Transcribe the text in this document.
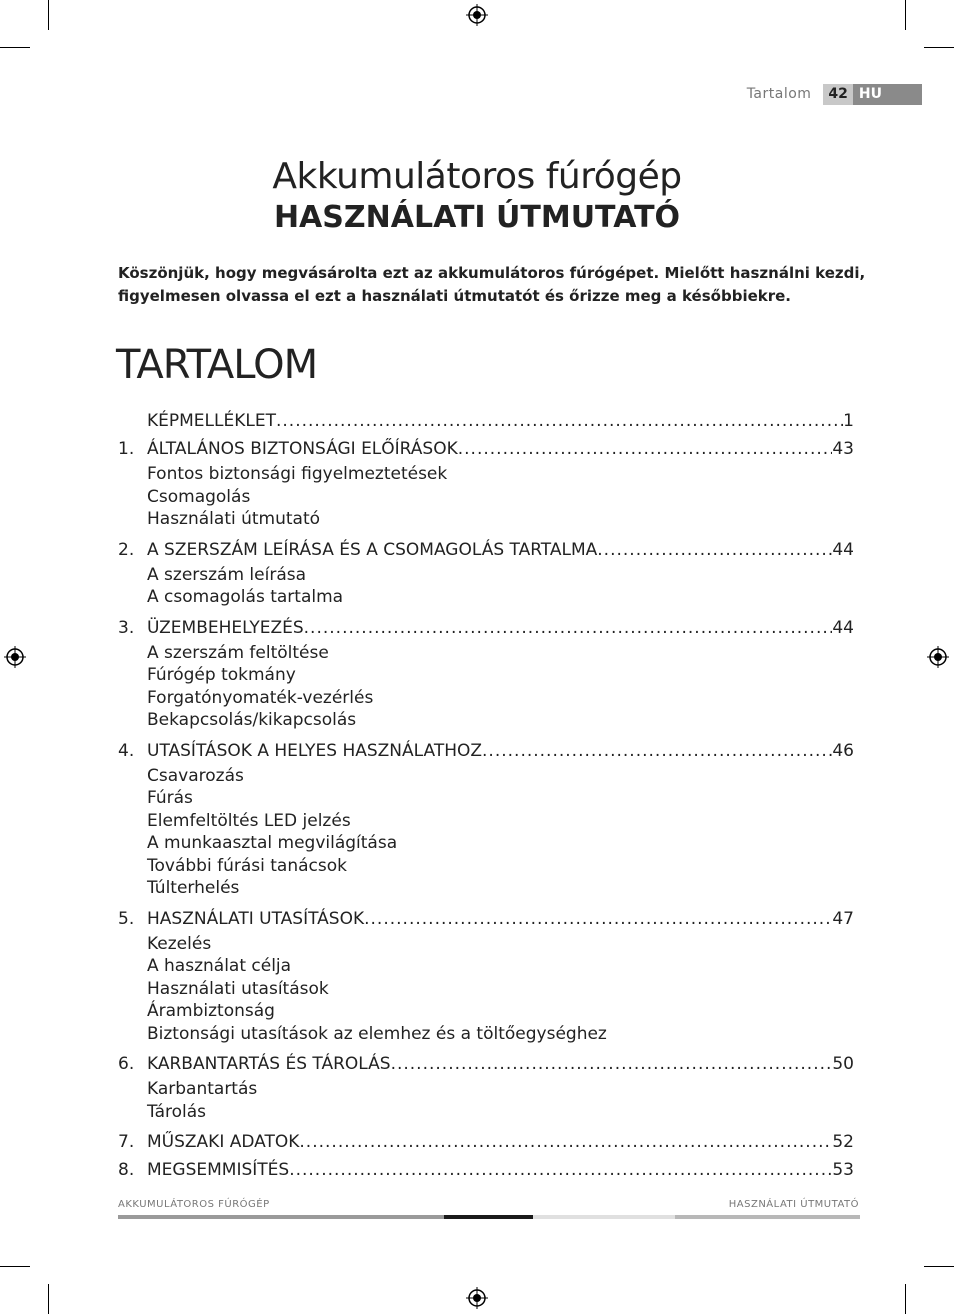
Tartalom	42 HU
Akkumulátoros fúrógép
HASZNÁLATI ÚTMUTATÓ
Köszönjük, hogy megvásárolta ezt az akkumulátoros fúrógépet. Mielőtt használni kezdi, figyelmesen olvassa el ezt a használati útmutatót és őrizze meg a későbbiekre.
TARTALOM
KÉPMELLÉKLET .....	1
1. ÁLTALÁNOS BIZTONSÁGI ELŐÍRÁSOK .....	43
Fontos biztonsági figyelmeztetések
Csomagolás
Használati útmutató
2. A SZERSZÁM LEÍRÁSA ÉS A CSOMAGOLÁS TARTALMA .....	44
A szerszám leírása
A csomagolás tartalma
3. ÜZEMBEHELYEZÉS .....	44
A szerszám feltöltése
Fúrógép tokmány
Forgatónyomaték-vezérlés
Bekapcsolás/kikapcsolás
4. UTASÍTÁSOK A HELYES HASZNÁLATHOZ .....	46
Csavarozás
Fúrás
Elemfeltöltés LED jelzés
A munkaasztal megvilágítása
További fúrási tanácsok
Túlterhelés
5. HASZNÁLATI UTASÍTÁSOK .....	47
Kezelés
A használat célja
Használati utasítások
Árambiztonság
Biztonsági utasítások az elemhez és a töltőegységhez
6. KARBANTARTÁS ÉS TÁROLÁS .....	50
Karbantartás
Tárolás
7. MŰSZAKI ADATOK .....	52
8. MEGSEMMISÍTÉS .....	53
AKKUMULÁTOROS FÚRÓGÉP	HASZNÁLATI ÚTMUTATÓ
